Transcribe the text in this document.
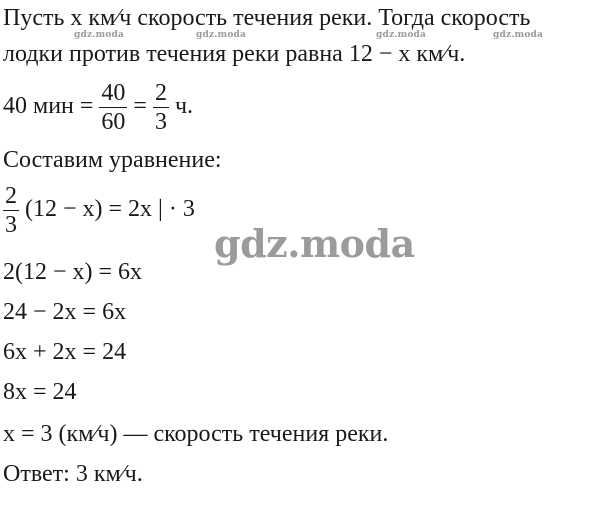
Пусть x км⁄ч скорость течения реки. Тогда скорость
gdz.moda	gdz.moda	gdz.moda	gdz.moda
лодки против течения реки равна 12 − x км⁄ч.
40 мин = $\frac{40}{60} = \frac{2}{3} ч$.
Составим уравнение:
$\frac{2}{3} (12 - x) = 2x$ | · 3
gdz.moda
2(12 − x) = 6x
24 − 2x = 6x
6x + 2x = 24
8x = 24
x = 3 (км⁄ч) — скорость течения реки.
Ответ: 3 км⁄ч.
